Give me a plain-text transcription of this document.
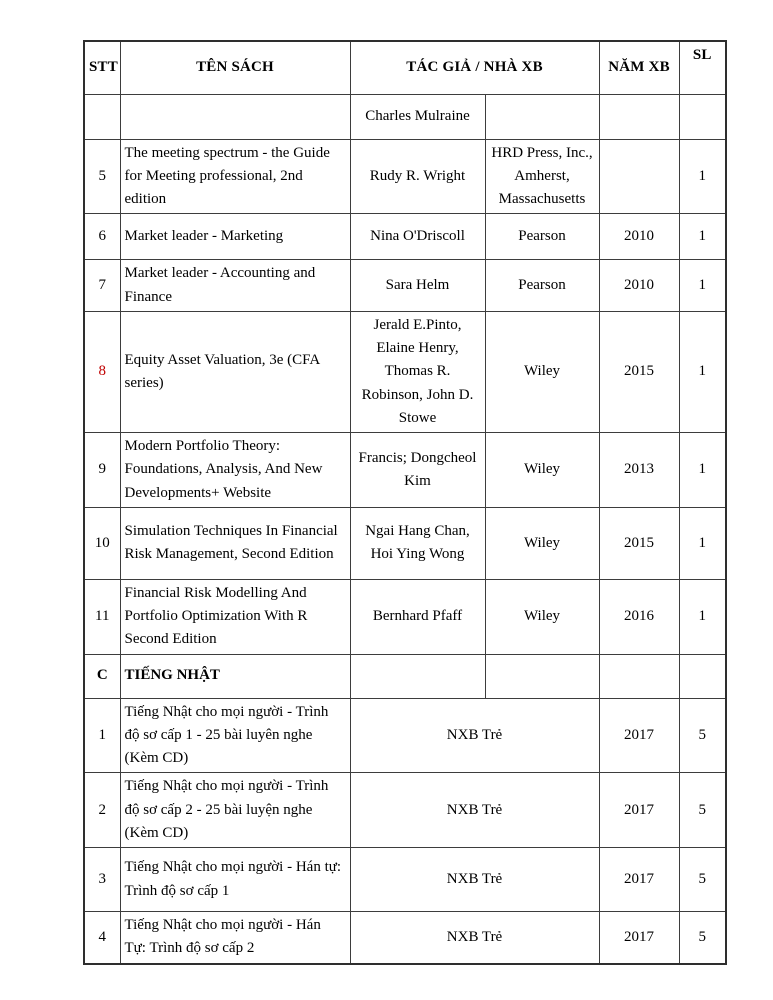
STT	TÊN SÁCH	TÁC GIẢ / NHÀ XB		NĂM XB	SL
		Charles Mulraine			
5	The meeting spectrum - the Guide for Meeting professional, 2nd edition	Rudy R. Wright	HRD Press, Inc., Amherst, Massachusetts		1
6	Market leader - Marketing	Nina O'Driscoll	Pearson	2010	1
7	Market leader - Accounting and Finance	Sara Helm	Pearson	2010	1
8	Equity Asset Valuation, 3e (CFA series)	Jerald E.Pinto, Elaine Henry, Thomas R. Robinson, John D. Stowe	Wiley	2015	1
9	Modern Portfolio Theory: Foundations, Analysis, And New Developments+ Website	Francis; Dongcheol Kim	Wiley	2013	1
10	Simulation Techniques In Financial Risk Management, Second Edition	Ngai Hang Chan, Hoi Ying Wong	Wiley	2015	1
11	Financial Risk Modelling And Portfolio Optimization With R Second Edition	Bernhard Pfaff	Wiley	2016	1
C	TIẾNG NHẬT				
1	Tiếng Nhật cho mọi người - Trình độ sơ cấp 1 - 25 bài luyên nghe (Kèm CD)	NXB Trẻ		2017	5
2	Tiếng Nhật cho mọi người - Trình độ sơ cấp 2 - 25 bài luyện nghe (Kèm CD)	NXB Trẻ		2017	5
3	Tiếng Nhật cho mọi người - Hán tự: Trình độ sơ cấp 1	NXB Trẻ		2017	5
4	Tiếng Nhật cho mọi người - Hán Tự: Trình độ sơ cấp 2	NXB Trẻ		2017	5
